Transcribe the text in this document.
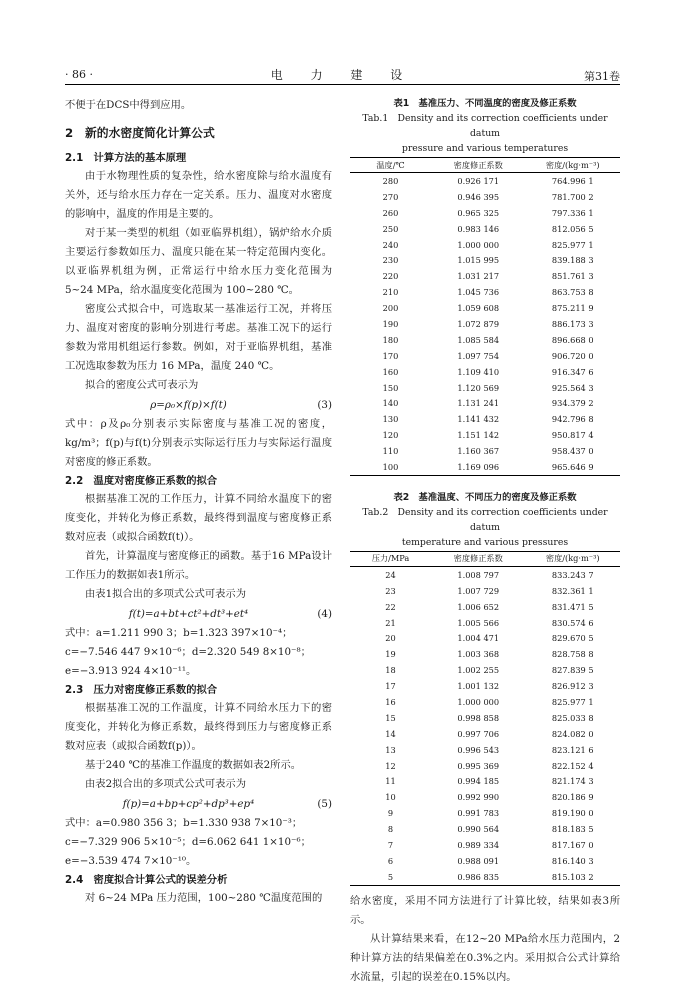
· 86 ·	电 力 建 设	第31卷

不便于在DCS中得到应用。

2　新的水密度简化计算公式
2.1　计算方法的基本原理

由于水物理性质的复杂性，给水密度除与给水温度有关外，还与给水压力存在一定关系。压力、温度对水密度的影响中，温度的作用是主要的。

对于某一类型的机组（如亚临界机组），锅炉给水介质主要运行参数如压力、温度只能在某一特定范围内变化。以亚临界机组为例，正常运行中给水压力变化范围为 5~24 MPa，给水温度变化范围为 100~280 ℃。

密度公式拟合中，可选取某一基准运行工况，并将压力、温度对密度的影响分别进行考虑。基准工况下的运行参数为常用机组运行参数。例如，对于亚临界机组，基准工况选取参数为压力 16 MPa，温度 240 ℃。

拟合的密度公式可表示为

ρ=ρ₀×f(p)×f(t)	(3)

式中：ρ及ρ₀分别表示实际密度与基准工况的密度，kg/m³；f(p)与f(t)分别表示实际运行压力与实际运行温度对密度的修正系数。

2.2　温度对密度修正系数的拟合

根据基准工况的工作压力，计算不同给水温度下的密度变化，并转化为修正系数，最终得到温度与密度修正系数对应表（或拟合函数f(t)）。

首先，计算温度与密度修正的函数。基于16 MPa设计工作压力的数据如表1所示。

由表1拟合出的多项式公式可表示为

f(t)=a+bt+ct²+dt³+et⁴	(4)

式中：a=1.211 990 3；b=1.323 397×10⁻⁴；

c=−7.546 447 9×10⁻⁶；d=2.320 549 8×10⁻⁸；

e=−3.913 924 4×10⁻¹¹。

2.3　压力对密度修正系数的拟合

根据基准工况的工作温度，计算不同给水压力下的密度变化，并转化为修正系数，最终得到压力与密度修正系数对应表（或拟合函数f(p)）。

基于240 ℃的基准工作温度的数据如表2所示。

由表2拟合出的多项式公式可表示为

f(p)=a+bp+cp²+dp³+ep⁴	(5)

式中：a=0.980 356 3；b=1.330 938 7×10⁻³；

c=−7.329 906 5×10⁻⁵；d=6.062 641 1×10⁻⁶；

e=−3.539 474 7×10⁻¹⁰。

2.4　密度拟合计算公式的误差分析

对 6~24 MPa 压力范围，100~280 ℃温度范围的

表1　基准压力、不同温度的密度及修正系数
Tab.1　Density and its correction coefficients under datum
pressure and various temperatures
温度/℃	密度修正系数	密度/(kg·m⁻³)
280	0.926 171	764.996 1
270	0.946 395	781.700 2
260	0.965 325	797.336 1
250	0.983 146	812.056 5
240	1.000 000	825.977 1
230	1.015 995	839.188 3
220	1.031 217	851.761 3
210	1.045 736	863.753 8
200	1.059 608	875.211 9
190	1.072 879	886.173 3
180	1.085 584	896.668 0
170	1.097 754	906.720 0
160	1.109 410	916.347 6
150	1.120 569	925.564 3
140	1.131 241	934.379 2
130	1.141 432	942.796 8
120	1.151 142	950.817 4
110	1.160 367	958.437 0
100	1.169 096	965.646 9
表2　基准温度、不同压力的密度及修正系数
Tab.2　Density and its correction coefficients under datum
temperature and various pressures
压力/MPa	密度修正系数	密度/(kg·m⁻³)
24	1.008 797	833.243 7
23	1.007 729	832.361 1
22	1.006 652	831.471 5
21	1.005 566	830.574 6
20	1.004 471	829.670 5
19	1.003 368	828.758 8
18	1.002 255	827.839 5
17	1.001 132	826.912 3
16	1.000 000	825.977 1
15	0.998 858	825.033 8
14	0.997 706	824.082 0
13	0.996 543	823.121 6
12	0.995 369	822.152 4
11	0.994 185	821.174 3
10	0.992 990	820.186 9
9	0.991 783	819.190 0
8	0.990 564	818.183 5
7	0.989 334	817.167 0
6	0.988 091	816.140 3
5	0.986 835	815.103 2

给水密度，采用不同方法进行了计算比较，结果如表3所示。

从计算结果来看，在12~20 MPa给水压力范围内，2种计算方法的结果偏差在0.3%之内。采用拟合公式计算给水流量，引起的误差在0.15%以内。
